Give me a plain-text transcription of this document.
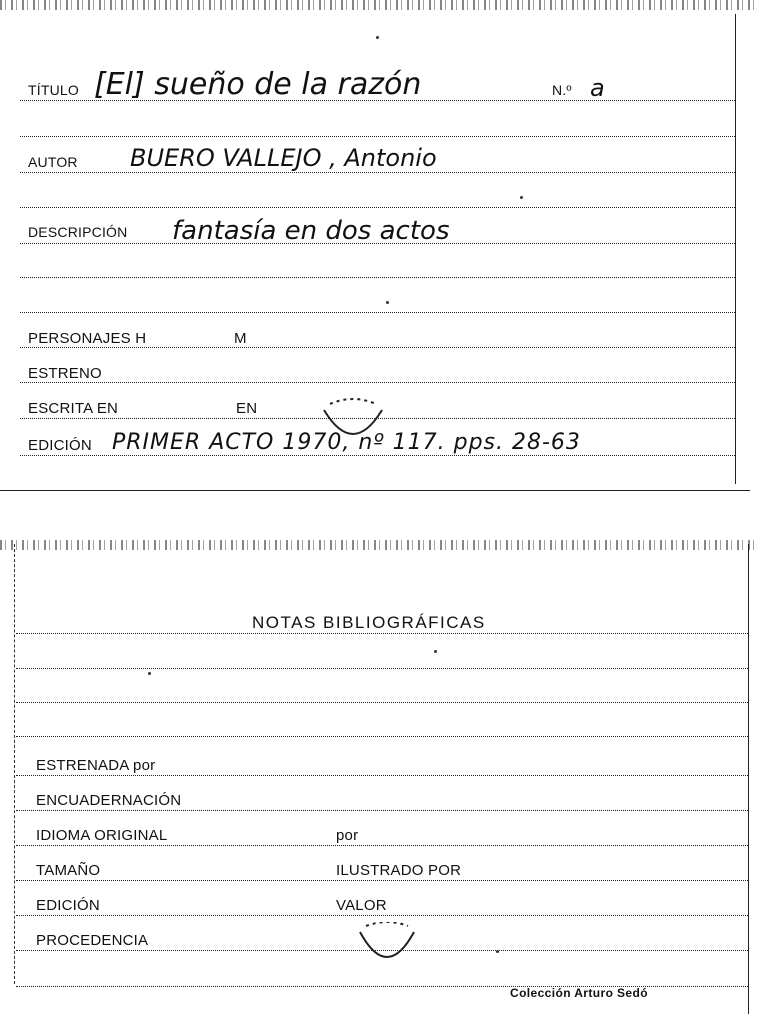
TÍTULO [El] sueño de la razón	N.º a
AUTOR BUERO VALLEJO , Antonio
DESCRIPCIÓN fantasía en dos actos
PERSONAJES H	M
ESTRENO
ESCRITA EN	EN
EDICIÓN PRIMER ACTO 1970, nº 117. pps. 28-63
NOTAS BIBLIOGRÁFICAS
ESTRENADA por
ENCUADERNACIÓN
IDIOMA ORIGINAL	por
TAMAÑO	ILUSTRADO POR
EDICIÓN	VALOR
PROCEDENCIA
Colección Arturo Sedó
